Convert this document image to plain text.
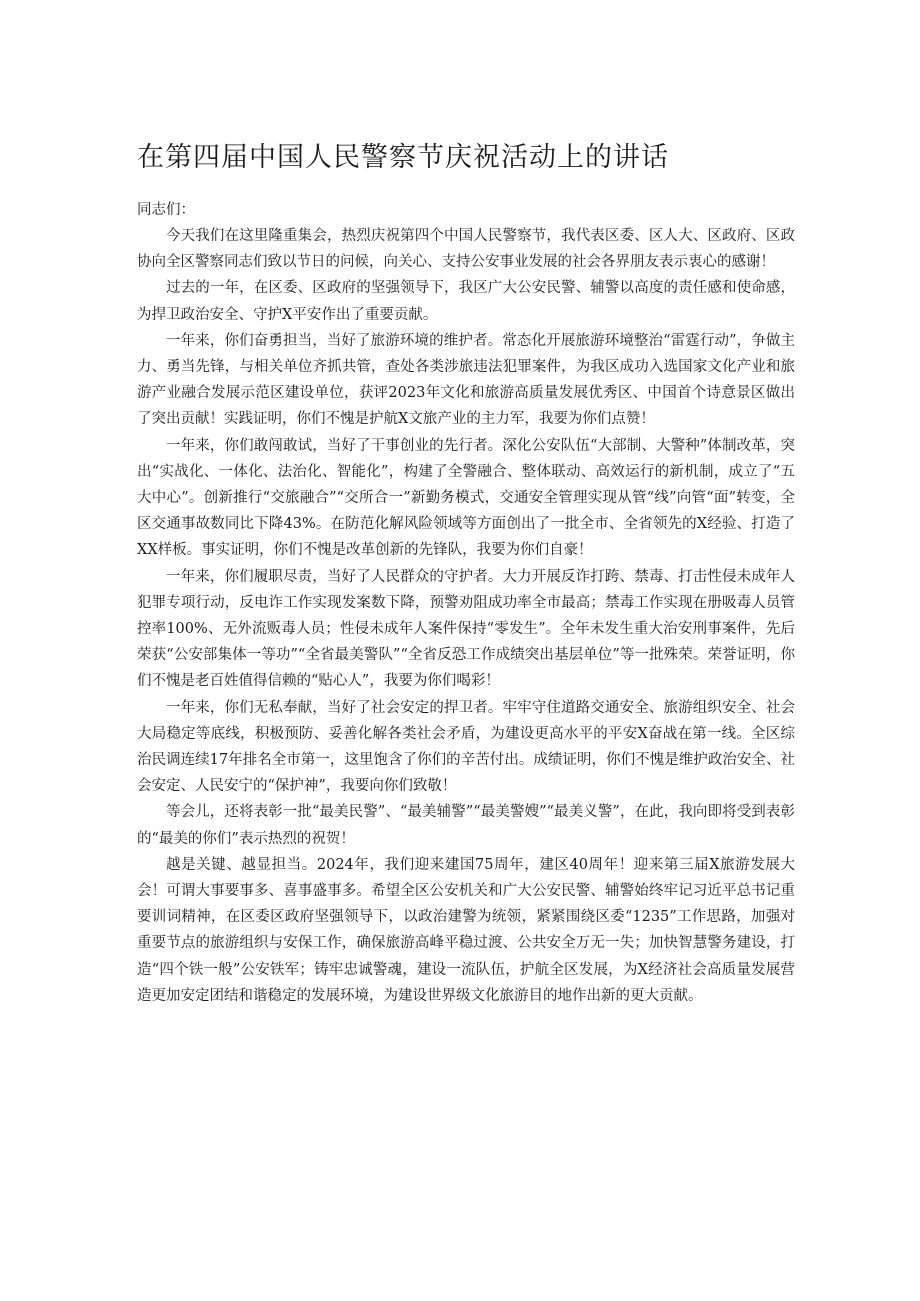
在第四届中国人民警察节庆祝活动上的讲话

同志们：

今天我们在这里隆重集会，热烈庆祝第四个中国人民警察节，我代表区委、区人大、区政府、区政协向全区警察同志们致以节日的问候，向关心、支持公安事业发展的社会各界朋友表示衷心的感谢！

过去的一年，在区委、区政府的坚强领导下，我区广大公安民警、辅警以高度的责任感和使命感，为捍卫政治安全、守护X平安作出了重要贡献。

一年来，你们奋勇担当，当好了旅游环境的维护者。常态化开展旅游环境整治“雷霆行动”，争做主力、勇当先锋，与相关单位齐抓共管，查处各类涉旅违法犯罪案件，为我区成功入选国家文化产业和旅游产业融合发展示范区建设单位，获评2023年文化和旅游高质量发展优秀区、中国首个诗意景区做出了突出贡献！实践证明，你们不愧是护航X文旅产业的主力军，我要为你们点赞！

一年来，你们敢闯敢试，当好了干事创业的先行者。深化公安队伍“大部制、大警种”体制改革，突出“实战化、一体化、法治化、智能化”，构建了全警融合、整体联动、高效运行的新机制，成立了“五大中心”。创新推行“交旅融合”“交所合一”新勤务模式，交通安全管理实现从管“线”向管“面”转变，全区交通事故数同比下降43%。在防范化解风险领域等方面创出了一批全市、全省领先的X经验、打造了XX样板。事实证明，你们不愧是改革创新的先锋队，我要为你们自豪！

一年来，你们履职尽责，当好了人民群众的守护者。大力开展反诈打跨、禁毒、打击性侵未成年人犯罪专项行动，反电诈工作实现发案数下降，预警劝阻成功率全市最高；禁毒工作实现在册吸毒人员管控率100%、无外流贩毒人员；性侵未成年人案件保持“零发生”。全年未发生重大治安刑事案件，先后荣获“公安部集体一等功”“全省最美警队”“全省反恐工作成绩突出基层单位”等一批殊荣。荣誉证明，你们不愧是老百姓值得信赖的“贴心人”，我要为你们喝彩！

一年来，你们无私奉献，当好了社会安定的捍卫者。牢牢守住道路交通安全、旅游组织安全、社会大局稳定等底线，积极预防、妥善化解各类社会矛盾，为建设更高水平的平安X奋战在第一线。全区综治民调连续17年排名全市第一，这里饱含了你们的辛苦付出。成绩证明，你们不愧是维护政治安全、社会安定、人民安宁的“保护神”，我要向你们致敬！

等会儿，还将表彰一批“最美民警”、“最美辅警”“最美警嫂”“最美义警”，在此，我向即将受到表彰的“最美的你们”表示热烈的祝贺！

越是关键、越显担当。2024年，我们迎来建国75周年，建区40周年！迎来第三届X旅游发展大会！可谓大事要事多、喜事盛事多。希望全区公安机关和广大公安民警、辅警始终牢记习近平总书记重要训词精神，在区委区政府坚强领导下，以政治建警为统领，紧紧围绕区委“1235”工作思路，加强对重要节点的旅游组织与安保工作，确保旅游高峰平稳过渡、公共安全万无一失；加快智慧警务建设，打造“四个铁一般”公安铁军；铸牢忠诚警魂，建设一流队伍，护航全区发展，为X经济社会高质量发展营造更加安定团结和谐稳定的发展环境，为建设世界级文化旅游目的地作出新的更大贡献。
